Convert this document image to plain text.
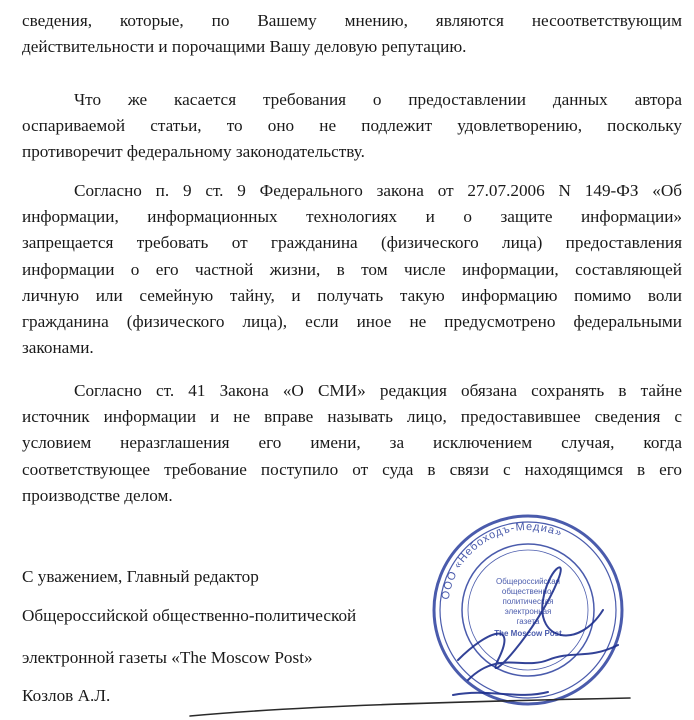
сведения, которые, по Вашему мнению, являются несоответствующим
действительности и порочащими Вашу деловую репутацию.

Что же касается требования о предоставлении данных автора
оспариваемой статьи, то оно не подлежит удовлетворению, поскольку
противоречит федеральному законодательству.

Согласно п. 9 ст. 9 Федерального закона от 27.07.2006 N 149-ФЗ «Об
информации, информационных технологиях и о защите информации»
запрещается требовать от гражданина (физического лица) предоставления
информации о его частной жизни, в том числе информации, составляющей
личную или семейную тайну, и получать такую информацию помимо воли
гражданина (физического лица), если иное не предусмотрено федеральными
законами.

Согласно ст. 41 Закона «О СМИ» редакция обязана сохранять в тайне
источник информации и не вправе называть лицо, предоставившее сведения с
условием неразглашения его имени, за исключением случая, когда
соответствующее требование поступило от суда в связи с находящимся в его
производстве делом.

С уважением, Главный редактор
Общероссийской общественно-политической
электронной газеты «The Moscow Post»
Козлов А.Л.
ООО «Небоходъ-Медиа»
Общероссийская
общественно-
политическая
электронная
газета
The Moscow Post
